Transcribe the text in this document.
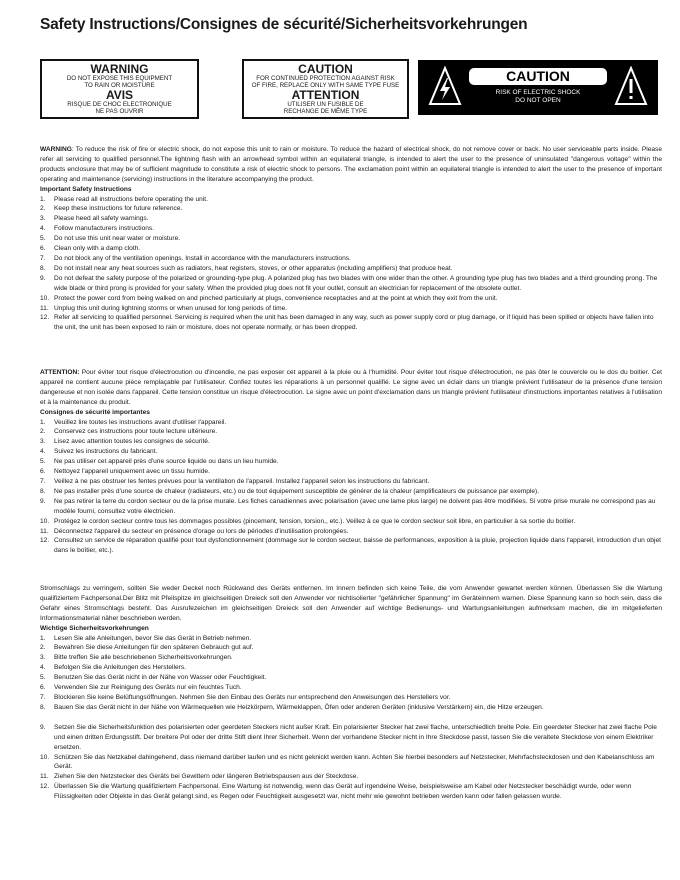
Safety Instructions/Consignes de sécurité/Sicherheitsvorkehrungen
WARNING
DO NOT EXPOSE THIS EQUIPMENT
TO RAIN OR MOISTURE
AVIS
RISQUE DE CHOC ELECTRONIQUE
NE PAS OUVRIR
CAUTION
FOR CONTINUED PROTECTION AGAINST RISK
OF FIRE, REPLACE ONLY WITH SAME TYPE FUSE
ATTENTION
UTILISER UN FUSIBLE DE
RECHANGE DE MÊME TYPE
CAUTION
RISK OF ELECTRIC SHOCK
DO NOT OPEN
WARNING: To reduce the risk of fire or electric shock, do not expose this unit to rain or moisture. To reduce the hazard of electrical shock, do not remove cover or back. No user serviceable parts inside. Please refer all servicing to qualified personnel.The lightning flash with an arrowhead symbol within an equilateral triangle, is intended to alert the user to the presence of uninsulated "dangerous voltage" within the products enclosure that may be of sufficient magnitude to constitute a risk of electric shock to persons. The exclamation point within an equilateral triangle is intended to alert the user to the presence of important operating and maintenance (servicing) instructions in the literature accompanying the product.
Important Safety Instructions
1. Please read all instructions before operating the unit.
2. Keep these instructions for future reference.
3. Please heed all safety warnings.
4. Follow manufacturers instructions.
5. Do not use this unit near water or moisture.
6. Clean only with a damp cloth.
7. Do not block any of the ventilation openings. Install in accordance with the manufacturers instructions.
8. Do not install near any heat sources such as radiators, heat registers, stoves, or other apparatus (including amplifiers) that produce heat.
9. Do not defeat the safety purpose of the polarized or grounding-type plug. A polarized plug has two blades with one wider than the other. A grounding type plug has two blades and a third grounding prong. The wide blade or third prong is provided for your safety. When the provided plug does not fit your outlet, consult an electrician for replacement of the obsolete outlet.
10. Protect the power cord from being walked on and pinched particularly at plugs, convenience receptacles and at the point at which they exit from the unit.
11. Unplug this unit during lightning storms or when unused for long periods of time.
12. Refer all servicing to qualified personnel. Servicing is required when the unit has been damaged in any way, such as power supply cord or plug damage, or if liquid has been spilled or objects have fallen into the unit, the unit has been exposed to rain or moisture, does not operate normally, or has been dropped.
ATTENTION: Pour éviter tout risque d'électrocution ou d'incendie, ne pas exposer cet appareil à la pluie ou à l'humidité. Pour éviter tout risque d'électrocution, ne pas ôter le couvercle ou le dos du boitier. Cet appareil ne contient aucune pièce remplaçable par l'utilisateur. Confiez toutes les réparations à un personnel qualifié. Le signe avec un éclair dans un triangle prévient l'utilisateur de la présence d'une tension dangereuse et non isolée dans l'appareil. Cette tension constitue un risque d'électrocution. Le signe avec un point d'exclamation dans un triangle prévient l'utilisateur d'instructions importantes relatives à l'utilisation et à la maintenance du produit.
Consignes de sécurité importantes
1. Veuillez lire toutes les instructions avant d'utiliser l'appareil.
2. Conservez ces instructions pour toute lecture ultérieure.
3. Lisez avec attention toutes les consignes de sécurité.
4. Suivez les instructions du fabricant.
5. Ne pas utiliser cet appareil près d'une source liquide ou dans un lieu humide.
6. Nettoyez l'appareil uniquement avec un tissu humide.
7. Veillez à ne pas obstruer les fentes prévues pour la ventilation de l'appareil. Installez l'appareil selon les instructions du fabricant.
8. Ne pas installer près d'une source de chaleur (radiateurs, etc.) ou de tout équipement susceptible de générer de la chaleur (amplificateurs de puissance par exemple).
9. Ne pas retirer la terre du cordon secteur ou de la prise murale. Les fiches canadiennes avec polarisation (avec une lame plus large) ne doivent pas être modifiées. Si votre prise murale ne correspond pas au modèle fourni, consultez votre électricien.
10. Protégez le cordon secteur contre tous les dommages possibles (pincement, tension, torsion,, etc.). Veillez à ce que le cordon secteur soit libre, en particulier à sa sortie du boitier.
11. Déconnectez l'appareil du secteur en présence d'orage ou lors de périodes d'inutilisation prolongées.
12. Consultez un service de réparation qualifié pour tout dysfonctionnement (dommage sur le cordon secteur, baisse de performances, exposition à la pluie, projection liquide dans l'appareil, introduction d'un objet dans le boîtier, etc.).
Stromschlags zu verringern, sollten Sie weder Deckel noch Rückwand des Geräts entfernen. Im Innern befinden sich keine Teile, die vom Anwender gewartet werden können. Überlassen Sie die Wartung qualifiziertem Fachpersonal.Der Blitz mit Pfeilspitze im gleichseitigen Dreieck soll den Anwender vor nichtisolierter "gefährlicher Spannung" im Geräteinnern warnen. Diese Spannung kann so hoch sein, dass die Gefahr eines Stromschlags besteht. Das Ausrufezeichen im gleichseitigen Dreieck soll den Anwender auf wichtige Bedienungs- und Wartungsanleitungen aufmerksam machen, die im mitgelieferten Informationsmaterial näher beschrieben werden.
Wichtige Sicherheitsvorkehrungen
1. Lesen Sie alle Anleitungen, bevor Sie das Gerät in Betrieb nehmen.
2. Bewahren Sie diese Anleitungen für den späteren Gebrauch gut auf.
3. Bitte treffen Sie alle beschriebenen Sicherheitsvorkehrungen.
4. Befolgen Sie die Anleitungen des Herstellers.
5. Benutzen Sie das Gerät nicht in der Nähe von Wasser oder Feuchtigkeit.
6. Verwenden Sie zur Reinigung des Geräts nur ein feuchtes Tuch.
7. Blockieren Sie keine Belüftungsöffnungen. Nehmen Sie den Einbau des Geräts nur entsprechend den Anweisungen des Herstellers vor.
8. Bauen Sie das Gerät nicht in der Nähe von Wärmequellen wie Heizkörpern, Wärmeklappen, Öfen oder anderen Geräten (inklusive Verstärkern) ein, die Hitze erzeugen.
9. Setzen Sie die Sicherheitsfunktion des polarisierten oder geerdeten Steckers nicht außer Kraft. Ein polarisierter Stecker hat zwei flache, unterschiedlich breite Pole. Ein geerdeter Stecker hat zwei flache Pole und einen dritten Erdungsstift. Der breitere Pol oder der dritte Stift dient Ihrer Sicherheit. Wenn der vorhandene Stecker nicht in Ihre Steckdose passt, lassen Sie die veraltete Steckdose von einem Elektriker ersetzen.
10. Schützen Sie das Netzkabel dahingehend, dass niemand darüber laufen und es nicht geknickt werden kann. Achten Sie hierbei besonders auf Netzstecker, Mehrfachsteckdosen und den Kabelanschluss am Gerät.
11. Ziehen Sie den Netzstecker des Geräts bei Gewittern oder längeren Betriebspausen aus der Steckdose.
12. Überlassen Sie die Wartung qualifiziertem Fachpersonal. Eine Wartung ist notwendig, wenn das Gerät auf irgendeine Weise, beispielsweise am Kabel oder Netzstecker beschädigt wurde, oder wenn Flüssigkeiten oder Objekte in das Gerät gelangt sind, es Regen oder Feuchtigkeit ausgesetzt war, nicht mehr wie gewohnt betrieben werden kann oder fallen gelassen wurde.
